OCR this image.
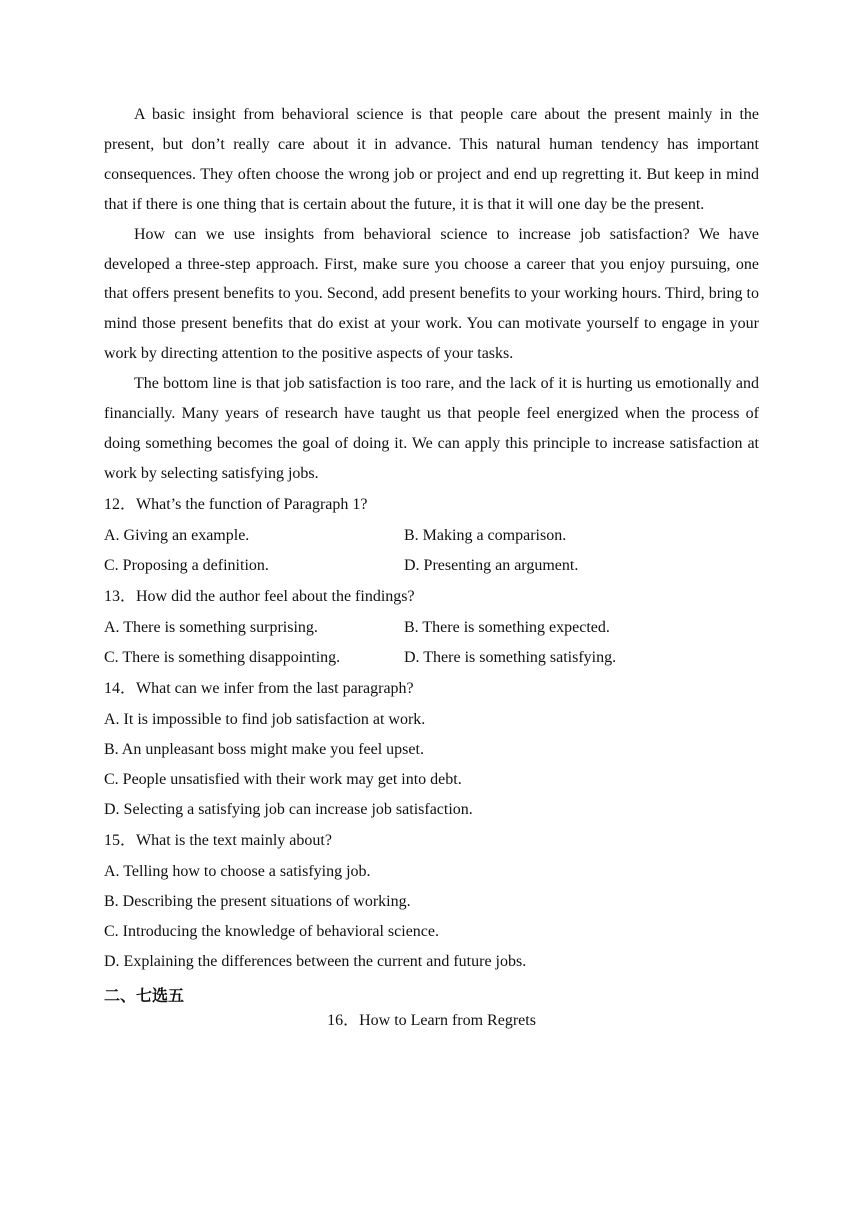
A basic insight from behavioral science is that people care about the present mainly in the present, but don’t really care about it in advance. This natural human tendency has important consequences. They often choose the wrong job or project and end up regretting it. But keep in mind that if there is one thing that is certain about the future, it is that it will one day be the present.

How can we use insights from behavioral science to increase job satisfaction? We have developed a three-step approach. First, make sure you choose a career that you enjoy pursuing, one that offers present benefits to you. Second, add present benefits to your working hours. Third, bring to mind those present benefits that do exist at your work. You can motivate yourself to engage in your work by directing attention to the positive aspects of your tasks.

The bottom line is that job satisfaction is too rare, and the lack of it is hurting us emotionally and financially. Many years of research have taught us that people feel energized when the process of doing something becomes the goal of doing it. We can apply this principle to increase satisfaction at work by selecting satisfying jobs.

12．What’s the function of Paragraph 1?

A. Giving an example.	B. Making a comparison.
C. Proposing a definition.	D. Presenting an argument.

13．How did the author feel about the findings?

A. There is something surprising.	B. There is something expected.
C. There is something disappointing.	D. There is something satisfying.

14．What can we infer from the last paragraph?

A. It is impossible to find job satisfaction at work.
B. An unpleasant boss might make you feel upset.
C. People unsatisfied with their work may get into debt.
D. Selecting a satisfying job can increase job satisfaction.

15．What is the text mainly about?

A. Telling how to choose a satisfying job.
B. Describing the present situations of working.
C. Introducing the knowledge of behavioral science.
D. Explaining the differences between the current and future jobs.

二、七选五

16．How to Learn from Regrets
